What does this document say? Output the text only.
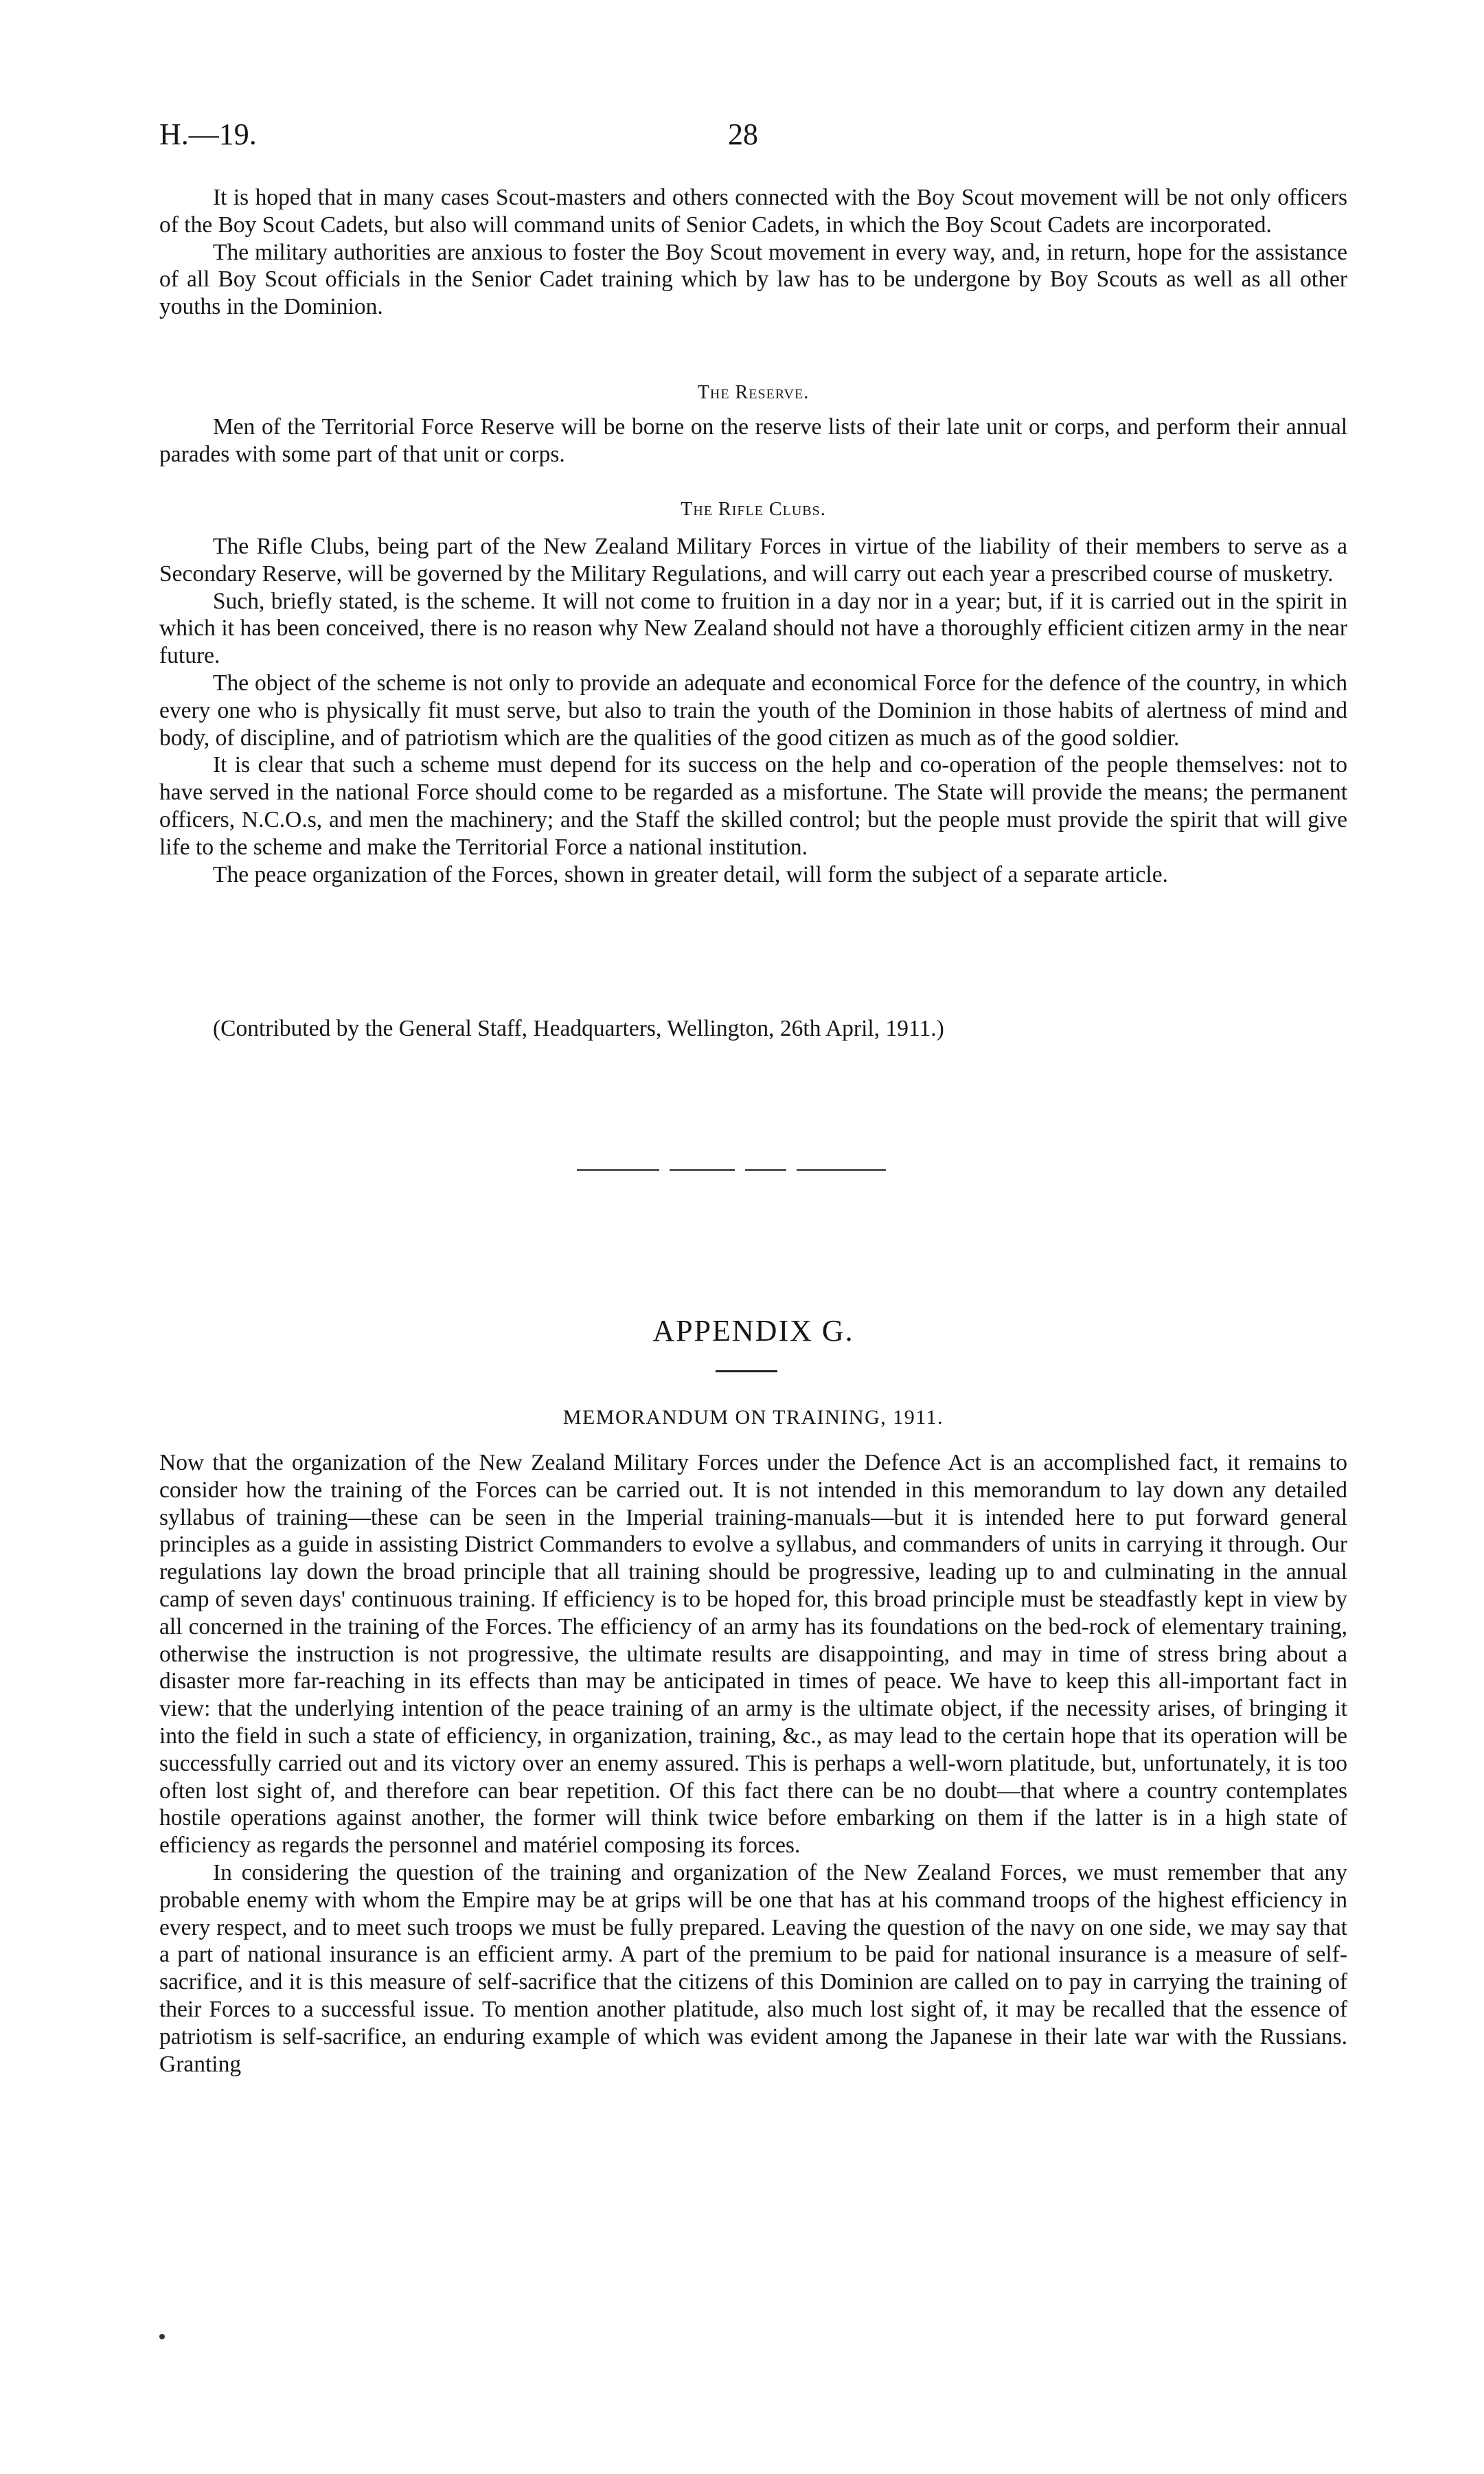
H.—19.	28

It is hoped that in many cases Scout-masters and others connected with the Boy Scout movement will be not only officers of the Boy Scout Cadets, but also will command units of Senior Cadets, in which the Boy Scout Cadets are incorporated.

The military authorities are anxious to foster the Boy Scout movement in every way, and, in return, hope for the assistance of all Boy Scout officials in the Senior Cadet training which by law has to be undergone by Boy Scouts as well as all other youths in the Dominion.

The Reserve.

Men of the Territorial Force Reserve will be borne on the reserve lists of their late unit or corps, and perform their annual parades with some part of that unit or corps.

The Rifle Clubs.

The Rifle Clubs, being part of the New Zealand Military Forces in virtue of the liability of their members to serve as a Secondary Reserve, will be governed by the Military Regulations, and will carry out each year a prescribed course of musketry.

Such, briefly stated, is the scheme. It will not come to fruition in a day nor in a year; but, if it is carried out in the spirit in which it has been conceived, there is no reason why New Zealand should not have a thoroughly efficient citizen army in the near future.

The object of the scheme is not only to provide an adequate and economical Force for the defence of the country, in which every one who is physically fit must serve, but also to train the youth of the Dominion in those habits of alertness of mind and body, of discipline, and of patriotism which are the qualities of the good citizen as much as of the good soldier.

It is clear that such a scheme must depend for its success on the help and co-operation of the people themselves: not to have served in the national Force should come to be regarded as a misfortune. The State will provide the means; the permanent officers, N.C.O.s, and men the machinery; and the Staff the skilled control; but the people must provide the spirit that will give life to the scheme and make the Territorial Force a national institution.

The peace organization of the Forces, shown in greater detail, will form the subject of a separate article.

(Contributed by the General Staff, Headquarters, Wellington, 26th April, 1911.)
APPENDIX G.
MEMORANDUM ON TRAINING, 1911.

Now that the organization of the New Zealand Military Forces under the Defence Act is an accomplished fact, it remains to consider how the training of the Forces can be carried out. It is not intended in this memorandum to lay down any detailed syllabus of training—these can be seen in the Imperial training-manuals—but it is intended here to put forward general principles as a guide in assisting District Commanders to evolve a syllabus, and commanders of units in carrying it through. Our regulations lay down the broad principle that all training should be progressive, leading up to and culminating in the annual camp of seven days' continuous training. If efficiency is to be hoped for, this broad principle must be steadfastly kept in view by all concerned in the training of the Forces. The efficiency of an army has its foundations on the bed-rock of elementary training, otherwise the instruction is not progressive, the ultimate results are disappointing, and may in time of stress bring about a disaster more far-reaching in its effects than may be anticipated in times of peace. We have to keep this all-important fact in view: that the underlying intention of the peace training of an army is the ultimate object, if the necessity arises, of bringing it into the field in such a state of efficiency, in organization, training, &c., as may lead to the certain hope that its operation will be successfully carried out and its victory over an enemy assured. This is perhaps a well-worn platitude, but, unfortunately, it is too often lost sight of, and therefore can bear repetition. Of this fact there can be no doubt—that where a country contemplates hostile operations against another, the former will think twice before embarking on them if the latter is in a high state of efficiency as regards the personnel and matériel composing its forces.

In considering the question of the training and organization of the New Zealand Forces, we must remember that any probable enemy with whom the Empire may be at grips will be one that has at his command troops of the highest efficiency in every respect, and to meet such troops we must be fully prepared. Leaving the question of the navy on one side, we may say that a part of national insurance is an efficient army. A part of the premium to be paid for national insurance is a measure of self-sacrifice, and it is this measure of self-sacrifice that the citizens of this Dominion are called on to pay in carrying the training of their Forces to a successful issue. To mention another platitude, also much lost sight of, it may be recalled that the essence of patriotism is self-sacrifice, an enduring example of which was evident among the Japanese in their late war with the Russians. Granting
